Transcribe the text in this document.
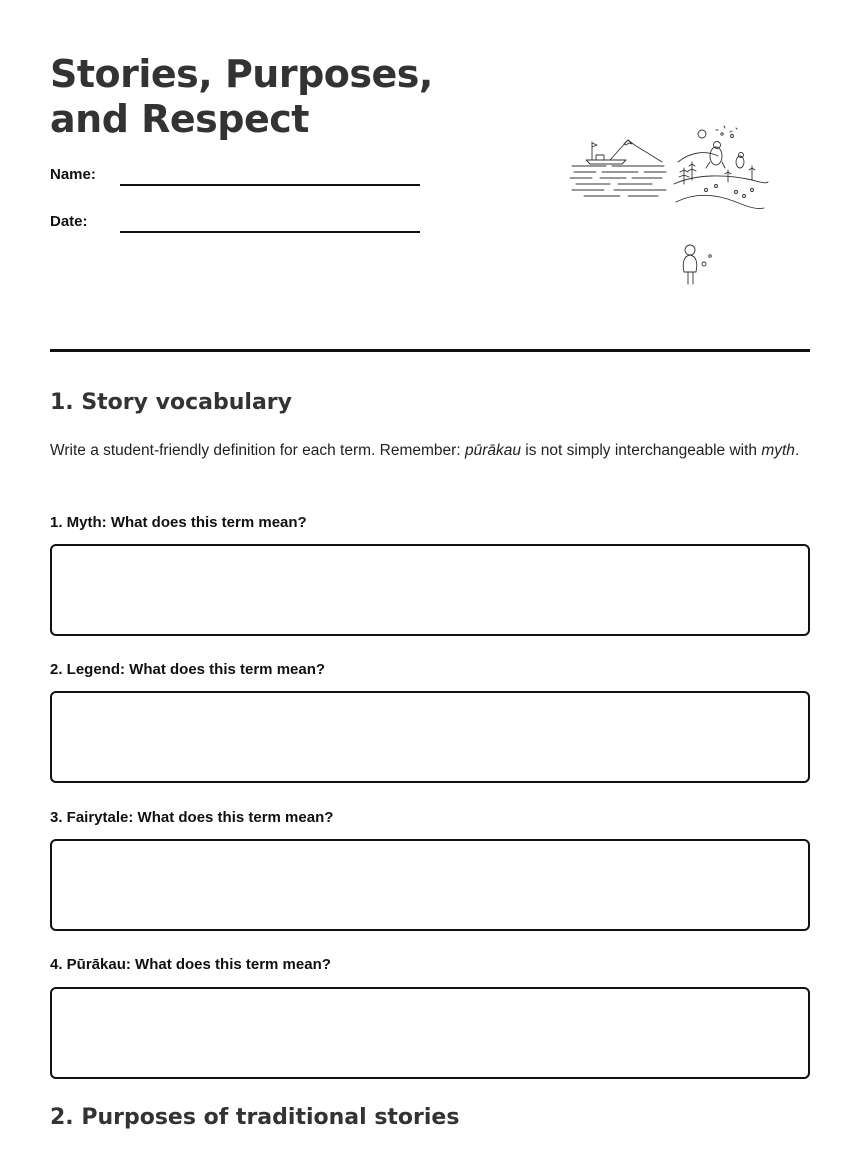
Stories, Purposes, and Respect
Name:
Date:
1. Story vocabulary

Write a student-friendly definition for each term. Remember: pūrākau is not simply interchangeable with myth.

1. Myth: What does this term mean?
2. Legend: What does this term mean?
3. Fairytale: What does this term mean?
4. Pūrākau: What does this term mean?
2. Purposes of traditional stories
